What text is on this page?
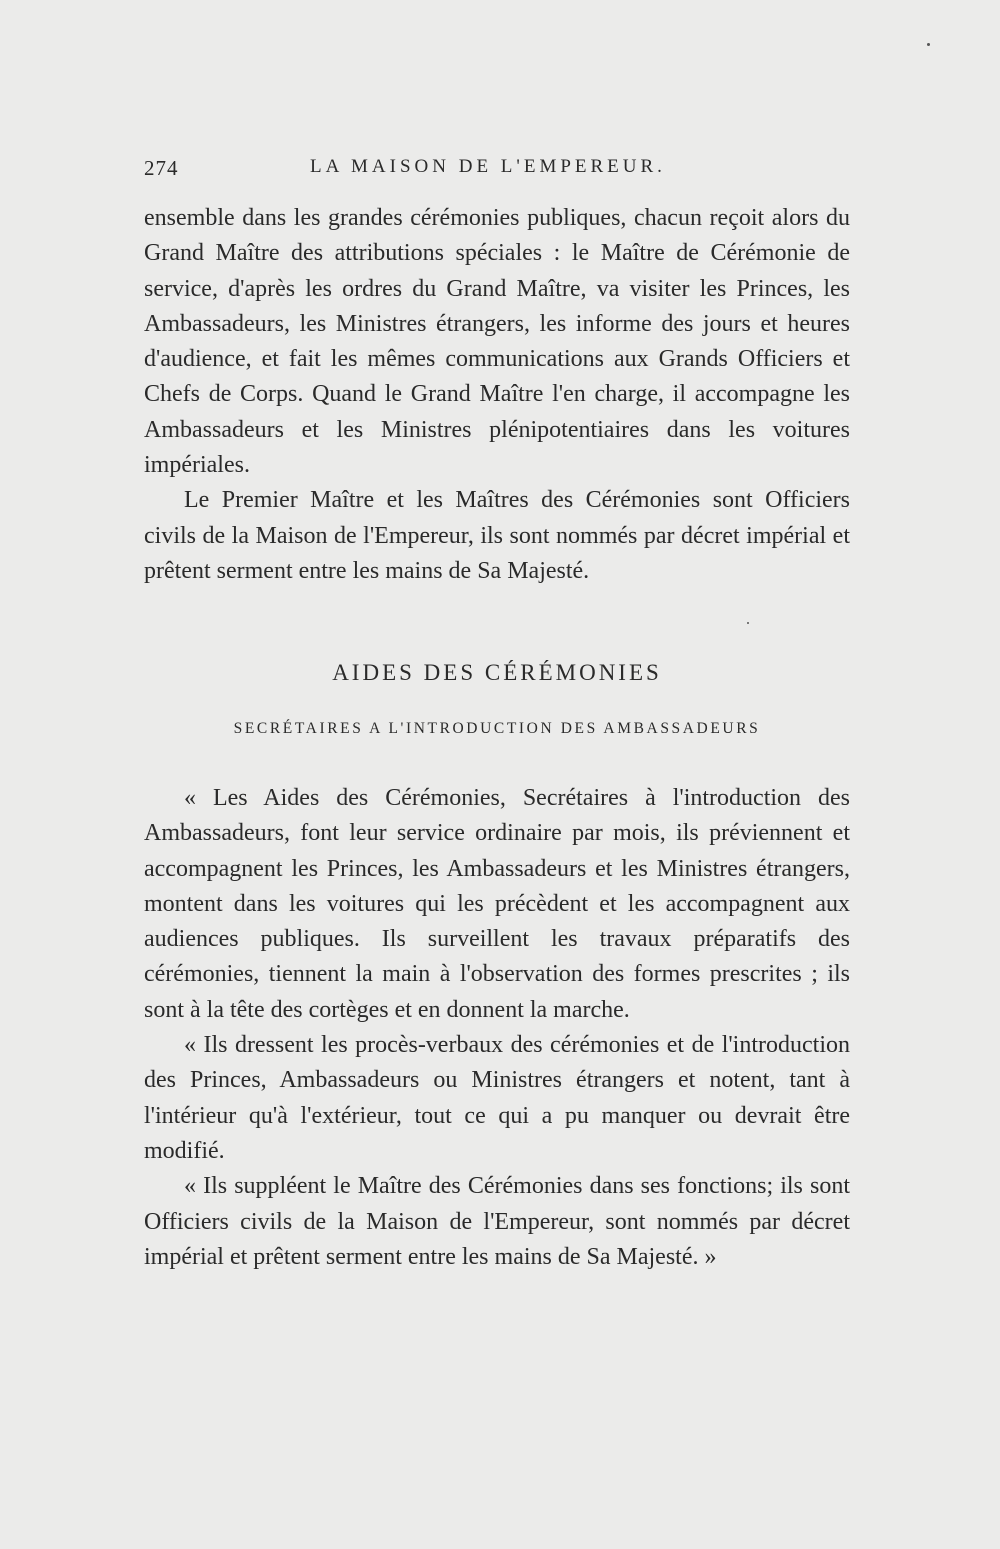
274	LA MAISON DE L'EMPEREUR.

ensemble dans les grandes cérémonies publiques, chacun reçoit alors du Grand Maître des attributions spéciales : le Maître de Cérémonie de service, d'après les ordres du Grand Maître, va visiter les Princes, les Ambassadeurs, les Ministres étrangers, les informe des jours et heures d'audience, et fait les mêmes communications aux Grands Officiers et Chefs de Corps. Quand le Grand Maître l'en charge, il accompagne les Ambassadeurs et les Ministres plénipotentiaires dans les voitures impériales.

Le Premier Maître et les Maîtres des Cérémonies sont Officiers civils de la Maison de l'Empereur, ils sont nommés par décret impérial et prêtent serment entre les mains de Sa Majesté.

AIDES DES CÉRÉMONIES
SECRÉTAIRES A L'INTRODUCTION DES AMBASSADEURS

« Les Aides des Cérémonies, Secrétaires à l'introduction des Ambassadeurs, font leur service ordinaire par mois, ils préviennent et accompagnent les Princes, les Ambassadeurs et les Ministres étrangers, montent dans les voitures qui les précèdent et les accompagnent aux audiences publiques. Ils surveillent les travaux préparatifs des cérémonies, tiennent la main à l'observation des formes prescrites ; ils sont à la tête des cortèges et en donnent la marche.

« Ils dressent les procès-verbaux des cérémonies et de l'introduction des Princes, Ambassadeurs ou Ministres étrangers et notent, tant à l'intérieur qu'à l'extérieur, tout ce qui a pu manquer ou devrait être modifié.

« Ils suppléent le Maître des Cérémonies dans ses fonctions; ils sont Officiers civils de la Maison de l'Empereur, sont nommés par décret impérial et prêtent serment entre les mains de Sa Majesté. »
